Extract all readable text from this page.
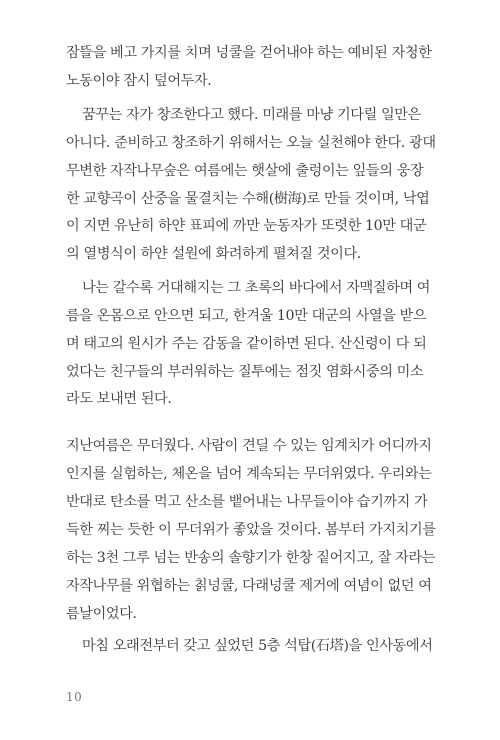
잠뜰을 베고 가지를 치며 넝쿨을 걷어내야 하는 예비된 자청한
노동이야 잠시 덮어두자.
꿈꾸는 자가 창조한다고 했다. 미래를 마냥 기다릴 일만은
아니다. 준비하고 창조하기 위해서는 오늘 실천해야 한다. 광대
무변한 자작나무숲은 여름에는 햇살에 출렁이는 잎들의 웅장
한 교향곡이 산중을 물결치는 수해(樹海)로 만들 것이며, 낙엽
이 지면 유난히 하얀 표피에 까만 눈동자가 또렷한 10만 대군
의 열병식이 하얀 설원에 화려하게 펼쳐질 것이다.
나는 갈수록 거대해지는 그 초록의 바다에서 자맥질하며 여
름을 온몸으로 안으면 되고, 한겨울 10만 대군의 사열을 받으
며 태고의 원시가 주는 감동을 같이하면 된다. 산신령이 다 되
었다는 친구들의 부러워하는 질투에는 점짓 염화시중의 미소
라도 보내면 된다.
지난여름은 무더웠다. 사람이 견딜 수 있는 임계치가 어디까지
인지를 실험하는, 체온을 넘어 계속되는 무더위였다. 우리와는
반대로 탄소를 먹고 산소를 뱉어내는 나무들이야 습기까지 가
득한 찌는 듯한 이 무더위가 좋았을 것이다. 봄부터 가지치기를
하는 3천 그루 넘는 반송의 솔향기가 한창 짙어지고, 잘 자라는
자작나무를 위협하는 칡넝쿨, 다래넝쿨 제거에 여념이 없던 여
름날이었다.
마침 오래전부터 갖고 싶었던 5층 석탑(石塔)을 인사동에서
10
